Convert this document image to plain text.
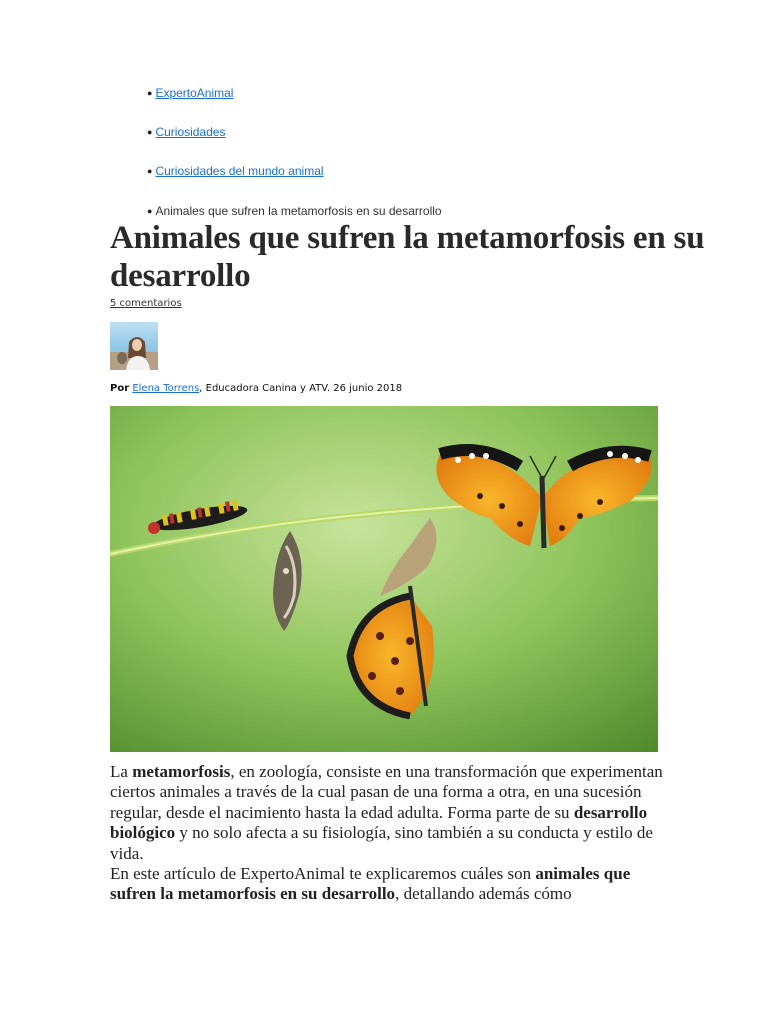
● ExpertoAnimal
● Curiosidades
● Curiosidades del mundo animal
● Animales que sufren la metamorfosis en su desarrollo
Animales que sufren la metamorfosis en su desarrollo
5 comentarios
Por Elena Torrens, Educadora Canina y ATV. 26 junio 2018

La metamorfosis, en zoología, consiste en una transformación que experimentan ciertos animales a través de la cual pasan de una forma a otra, en una sucesión regular, desde el nacimiento hasta la edad adulta. Forma parte de su desarrollo biológico y no solo afecta a su fisiología, sino también a su conducta y estilo de vida.

En este artículo de ExpertoAnimal te explicaremos cuáles son animales que sufren la metamorfosis en su desarrollo, detallando además cómo
